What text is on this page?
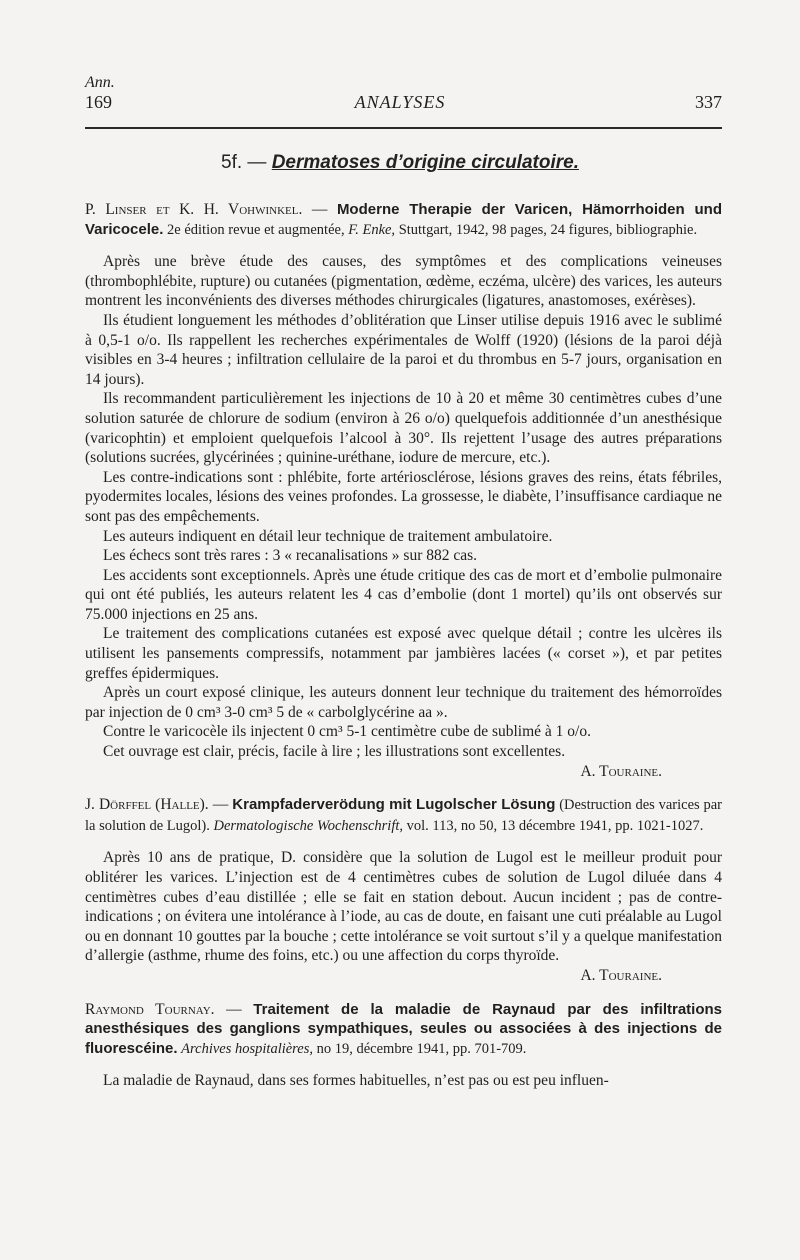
Ann.
169	ANALYSES	337
5f. — Dermatoses d’origine circulatoire.

P. Linser et K. H. Vohwinkel. — Moderne Therapie der Varicen, Hämorrhoiden und Varicocele. 2e édition revue et augmentée, F. Enke, Stuttgart, 1942, 98 pages, 24 figures, bibliographie.

Après une brève étude des causes, des symptômes et des complications veineuses (thrombophlébite, rupture) ou cutanées (pigmentation, œdème, eczéma, ulcère) des varices, les auteurs montrent les inconvénients des diverses méthodes chirurgicales (ligatures, anastomoses, exérèses).

Ils étudient longuement les méthodes d’oblitération que Linser utilise depuis 1916 avec le sublimé à 0,5-1 o/o. Ils rappellent les recherches expérimentales de Wolff (1920) (lésions de la paroi déjà visibles en 3-4 heures ; infiltration cellulaire de la paroi et du thrombus en 5-7 jours, organisation en 14 jours).

Ils recommandent particulièrement les injections de 10 à 20 et même 30 centimètres cubes d’une solution saturée de chlorure de sodium (environ à 26 o/o) quelquefois additionnée d’un anesthésique (varicophtin) et emploient quelquefois l’alcool à 30°. Ils rejettent l’usage des autres préparations (solutions sucrées, glycérinées ; quinine-uréthane, iodure de mercure, etc.).

Les contre-indications sont : phlébite, forte artériosclérose, lésions graves des reins, états fébriles, pyodermites locales, lésions des veines profondes. La grossesse, le diabète, l’insuffisance cardiaque ne sont pas des empêchements.

Les auteurs indiquent en détail leur technique de traitement ambulatoire.

Les échecs sont très rares : 3 « recanalisations » sur 882 cas.

Les accidents sont exceptionnels. Après une étude critique des cas de mort et d’embolie pulmonaire qui ont été publiés, les auteurs relatent les 4 cas d’embolie (dont 1 mortel) qu’ils ont observés sur 75.000 injections en 25 ans.

Le traitement des complications cutanées est exposé avec quelque détail ; contre les ulcères ils utilisent les pansements compressifs, notamment par jambières lacées (« corset »), et par petites greffes épidermiques.

Après un court exposé clinique, les auteurs donnent leur technique du traitement des hémorroïdes par injection de 0 cm³ 3-0 cm³ 5 de « carbolglycérine aa ».

Contre le varicocèle ils injectent 0 cm³ 5-1 centimètre cube de sublimé à 1 o/o.

Cet ouvrage est clair, précis, facile à lire ; les illustrations sont excellentes.

A. Touraine.

J. Dörffel (Halle). — Krampfaderverödung mit Lugolscher Lösung (Destruction des varices par la solution de Lugol). Dermatologische Wochenschrift, vol. 113, no 50, 13 décembre 1941, pp. 1021-1027.

Après 10 ans de pratique, D. considère que la solution de Lugol est le meilleur produit pour oblitérer les varices. L’injection est de 4 centimètres cubes de solution de Lugol diluée dans 4 centimètres cubes d’eau distillée ; elle se fait en station debout. Aucun incident ; pas de contre-indications ; on évitera une intolérance à l’iode, au cas de doute, en faisant une cuti préalable au Lugol ou en donnant 10 gouttes par la bouche ; cette intolérance se voit surtout s’il y a quelque manifestation d’allergie (asthme, rhume des foins, etc.) ou une affection du corps thyroïde.

A. Touraine.

Raymond Tournay. — Traitement de la maladie de Raynaud par des infiltrations anesthésiques des ganglions sympathiques, seules ou associées à des injections de fluorescéine. Archives hospitalières, no 19, décembre 1941, pp. 701-709.

La maladie de Raynaud, dans ses formes habituelles, n’est pas ou est peu influen-
